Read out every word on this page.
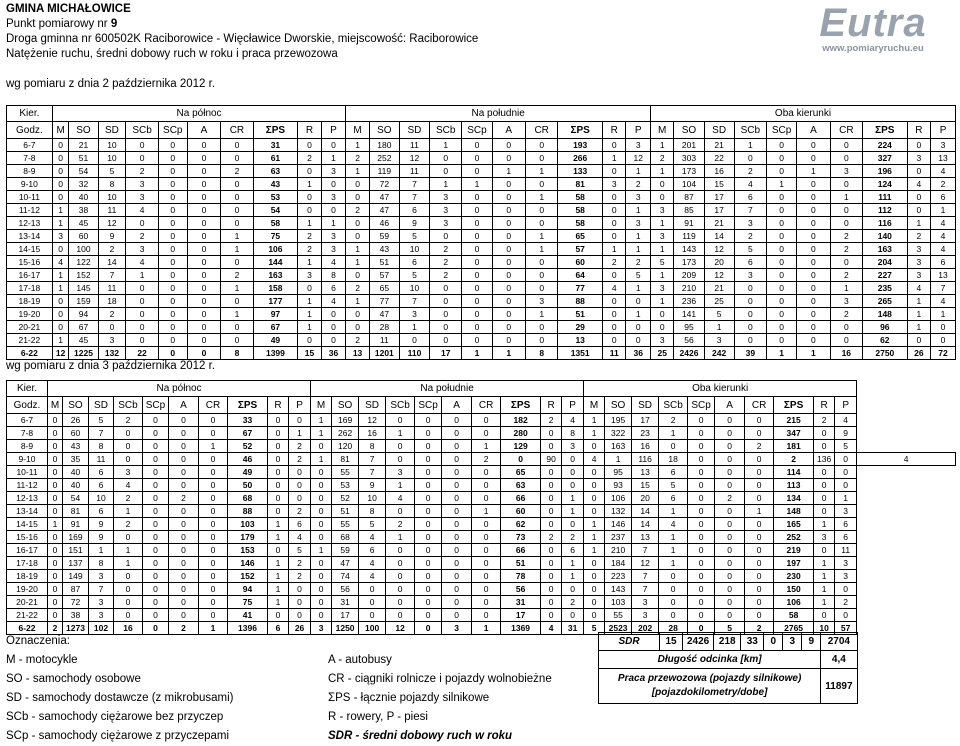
GMINA MICHAŁOWICE
Punkt pomiarowy nr 9
Droga gminna nr 600502K Raciborowice - Więcławice Dworskie, miejscowość: Raciborowice
Natężenie ruchu, średni dobowy ruch w roku i praca przewozowa
Eutra
www.pomiaryruchu.eu
wg pomiaru z dnia 2 października 2012 r.
Kier.	Na północ										Na południe										Oba kierunki									
Godz.	M	SO	SD	SCb	SCp	A	CR	ΣPS	R	P	M	SO	SD	SCb	SCp	A	CR	ΣPS	R	P	M	SO	SD	SCb	SCp	A	CR	ΣPS	R	P
6-7	0	21	10	0	0	0	0	31	0	0	1	180	11	1	0	0	0	193	0	3	1	201	21	1	0	0	0	224	0	3
7-8	0	51	10	0	0	0	0	61	2	1	2	252	12	0	0	0	0	266	1	12	2	303	22	0	0	0	0	327	3	13
8-9	0	54	5	2	0	0	2	63	0	3	1	119	11	0	0	1	1	133	0	1	1	173	16	2	0	1	3	196	0	4
9-10	0	32	8	3	0	0	0	43	1	0	0	72	7	1	1	0	0	81	3	2	0	104	15	4	1	0	0	124	4	2
10-11	0	40	10	3	0	0	0	53	0	3	0	47	7	3	0	0	1	58	0	3	0	87	17	6	0	0	1	111	0	6
11-12	1	38	11	4	0	0	0	54	0	0	2	47	6	3	0	0	0	58	0	1	3	85	17	7	0	0	0	112	0	1
12-13	1	45	12	0	0	0	0	58	1	1	0	46	9	3	0	0	0	58	0	3	1	91	21	3	0	0	0	116	1	4
13-14	3	60	9	2	0	0	1	75	2	3	0	59	5	0	0	0	1	65	0	1	3	119	14	2	0	0	2	140	2	4
14-15	0	100	2	3	0	0	1	106	2	3	1	43	10	2	0	0	1	57	1	1	1	143	12	5	0	0	2	163	3	4
15-16	4	122	14	4	0	0	0	144	1	4	1	51	6	2	0	0	0	60	2	2	5	173	20	6	0	0	0	204	3	6
16-17	1	152	7	1	0	0	2	163	3	8	0	57	5	2	0	0	0	64	0	5	1	209	12	3	0	0	2	227	3	13
17-18	1	145	11	0	0	0	1	158	0	6	2	65	10	0	0	0	0	77	4	1	3	210	21	0	0	0	1	235	4	7
18-19	0	159	18	0	0	0	0	177	1	4	1	77	7	0	0	0	3	88	0	0	1	236	25	0	0	0	3	265	1	4
19-20	0	94	2	0	0	0	1	97	1	0	0	47	3	0	0	0	1	51	0	1	0	141	5	0	0	0	2	148	1	1
20-21	0	67	0	0	0	0	0	67	1	0	0	28	1	0	0	0	0	29	0	0	0	95	1	0	0	0	0	96	1	0
21-22	1	45	3	0	0	0	0	49	0	0	2	11	0	0	0	0	0	13	0	0	3	56	3	0	0	0	0	62	0	0
6-22	12	1225	132	22	0	0	8	1399	15	36	13	1201	110	17	1	1	8	1351	11	36	25	2426	242	39	1	1	16	2750	26	72
wg pomiaru z dnia 3 października 2012 r.
Kier.	Na północ										Na południe										Oba kierunki										
Godz.	M	SO	SD	SCb	SCp	A	CR	ΣPS	R	P	M	SO	SD	SCb	SCp	A	CR	ΣPS	R	P	M	SO	SD	SCb	SCp	A	CR	ΣPS	R	P	
6-7	0	26	5	2	0	0	0	33	0	0	1	169	12	0	0	0	0	182	2	4	1	195	17	2	0	0	0	215	2	4	
7-8	0	60	7	0	0	0	0	67	0	1	1	262	16	1	0	0	0	280	0	8	1	322	23	1	0	0	0	347	0	9	
8-9	0	43	8	0	0	0	1	52	0	2	0	120	8	0	0	0	1	129	0	3	0	163	16	0	0	0	2	181	0	5	
9-10	0	35	11	0	0	0	0	46	0	2	1	81	7	0	0	0	2	0	90	0	4	1	116	18	0	0	0	2	136	0	4
10-11	0	40	6	3	0	0	0	49	0	0	0	55	7	3	0	0	0	65	0	0	0	95	13	6	0	0	0	114	0	0	
11-12	0	40	6	4	0	0	0	50	0	0	0	53	9	1	0	0	0	63	0	0	0	93	15	5	0	0	0	113	0	0	
12-13	0	54	10	2	0	2	0	68	0	0	0	52	10	4	0	0	0	66	0	1	0	106	20	6	0	2	0	134	0	1	
13-14	0	81	6	1	0	0	0	88	0	2	0	51	8	0	0	0	1	60	0	1	0	132	14	1	0	0	1	148	0	3	
14-15	1	91	9	2	0	0	0	103	1	6	0	55	5	2	0	0	0	62	0	0	1	146	14	4	0	0	0	165	1	6	
15-16	0	169	9	0	0	0	0	179	1	4	0	68	4	1	0	0	0	73	2	2	1	237	13	1	0	0	0	252	3	6	
16-17	0	151	1	1	0	0	0	153	0	5	1	59	6	0	0	0	0	66	0	6	1	210	7	1	0	0	0	219	0	11	
17-18	0	137	8	1	0	0	0	146	1	2	0	47	4	0	0	0	0	51	0	1	0	184	12	1	0	0	0	197	1	3	
18-19	0	149	3	0	0	0	0	152	1	2	0	74	4	0	0	0	0	78	0	1	0	223	7	0	0	0	0	230	1	3	
19-20	0	87	7	0	0	0	0	94	1	0	0	56	0	0	0	0	0	56	0	0	0	143	7	0	0	0	0	150	1	0	
20-21	0	72	3	0	0	0	0	75	1	0	0	31	0	0	0	0	0	31	0	2	0	103	3	0	0	0	0	106	1	2	
21-22	0	38	3	0	0	0	0	41	0	0	0	17	0	0	0	0	0	17	0	0	0	55	3	0	0	0	0	58	0	0	
6-22	2	1273	102	16	0	2	1	1396	6	26	3	1250	100	12	0	3	1	1369	4	31	5	2523	202	28	0	5	2	2765	10	57	
Oznaczenia:
M - motocykle
SO - samochody osobowe
SD - samochody dostawcze (z mikrobusami)
SCb - samochody ciężarowe bez przyczep
SCp - samochody ciężarowe z przyczepami
A - autobusy
CR - ciągniki rolnicze i pojazdy wolnobieżne
ΣPS - łącznie pojazdy silnikowe
R - rowery, P - piesi
SDR - średni dobowy ruch w roku
SDR	15	2426	218	33	0	3	9	2704
Długość odcinka [km]								4,4
Praca przewozowa (pojazdy silnikowe) [pojazdokilometry/dobe]								11897
